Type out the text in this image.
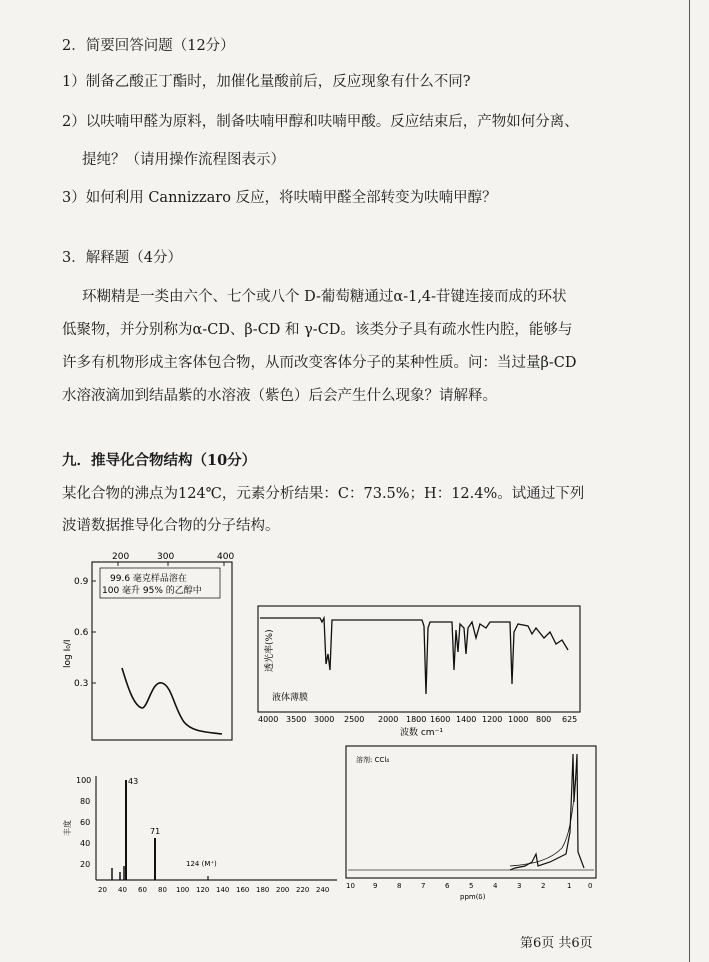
2．简要回答问题（12分）
1）制备乙酸正丁酯时，加催化量酸前后，反应现象有什么不同?
2）以呋喃甲醛为原料，制备呋喃甲醇和呋喃甲酸。反应结束后，产物如何分离、
提纯？（请用操作流程图表示）
3）如何利用 Cannizzaro 反应，将呋喃甲醛全部转变为呋喃甲醇？
3．解释题（4分）
环糊精是一类由六个、七个或八个 D-葡萄糖通过α-1,4-苷键连接而成的环状
低聚物，并分别称为α-CD、β-CD 和 γ-CD。该类分子具有疏水性内腔，能够与
许多有机物形成主客体包合物，从而改变客体分子的某种性质。问：当过量β-CD
水溶液滴加到结晶紫的水溶液（紫色）后会产生什么现象？请解释。
九．推导化合物结构（10分）
某化合物的沸点为124℃，元素分析结果：C：73.5%；H：12.4%。试通过下列
波谱数据推导化合物的分子结构。
200	300	400
0.9
0.6
0.3
log I₀/I
99.6 毫克样品溶在
100 毫升 95% 的乙醇中
透光率(%)
液体薄膜
4000 3500 3000 2500 2000 1800 1600 1400 1200 1000 800 625
波数 cm⁻¹
100
80
60
40
20
丰度
43
71
124 (M⁺)
20 40 60 80 100 120 140 160 180 200 220 240
溶剂: CCl₄
10	9	8	7	6	5	4	3	2	1 0
ppm(δ)
第6页 共6页
